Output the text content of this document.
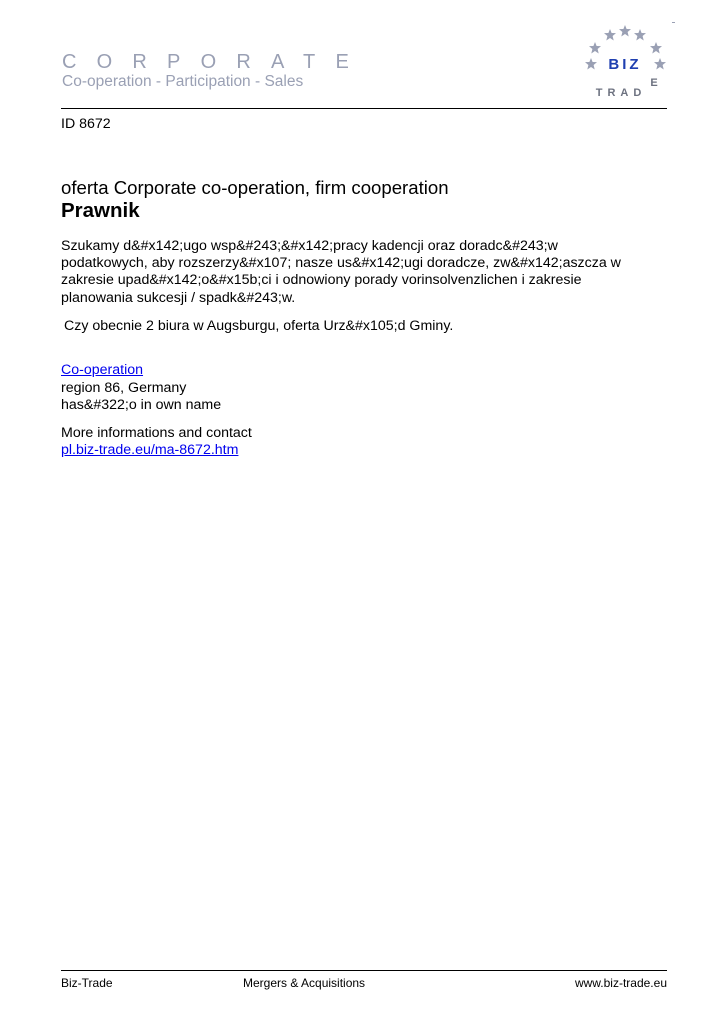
CORPORATE
Co-operation - Participation - Sales
BIZ
E
TRAD
ID 8672
oferta Corporate co-operation, firm cooperation
Prawnik
Szukamy d&#x142;ugo wsp&#243;&#x142;pracy kadencji oraz doradc&#243;w
podatkowych, aby rozszerzy&#x107; nasze us&#x142;ugi doradcze, zw&#x142;aszcza w
zakresie upad&#x142;o&#x15b;ci i odnowiony porady vorinsolvenzlichen i zakresie
planowania sukcesji / spadk&#243;w.
Czy obecnie 2 biura w Augsburgu, oferta Urz&#x105;d Gminy.
Co-operation
region 86, Germany
has&#322;o in own name
More informations and contact
pl.biz-trade.eu/ma-8672.htm
Biz-Trade	Mergers & Acquisitions	www.biz-trade.eu
